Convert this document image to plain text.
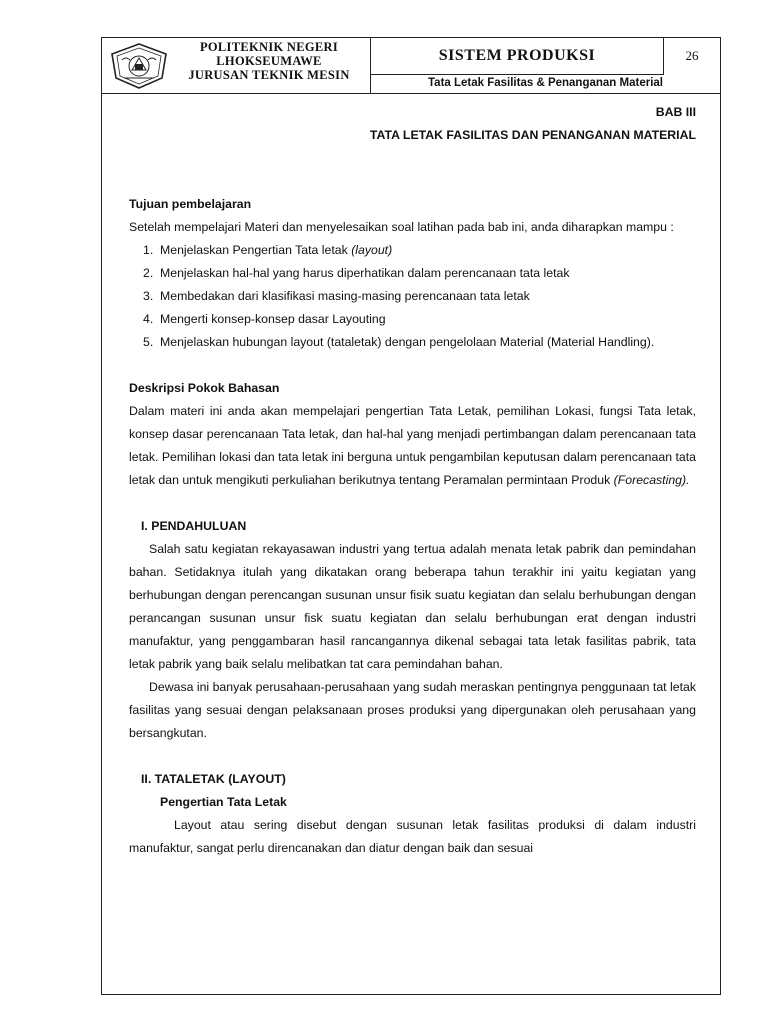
POLITEKNIK NEGERI
LHOKSEUMAWE
JURUSAN TEKNIK MESIN
SISTEM PRODUKSI	26
Tata Letak Fasilitas & Penanganan Material

BAB III

TATA LETAK FASILITAS DAN PENANGANAN MATERIAL

Tujuan pembelajaran

Setelah mempelajari Materi dan menyelesaikan soal latihan pada bab ini, anda diharapkan mampu :

1. Menjelaskan Pengertian Tata letak (layout)
2. Menjelaskan hal-hal yang harus diperhatikan dalam perencanaan tata letak
3. Membedakan dari klasifikasi masing-masing perencanaan tata letak
4. Mengerti konsep-konsep dasar Layouting
5. Menjelaskan hubungan layout (tataletak) dengan pengelolaan Material (Material Handling).

Deskripsi Pokok Bahasan

Dalam materi ini anda akan mempelajari pengertian Tata Letak, pemilihan Lokasi, fungsi Tata letak, konsep dasar perencanaan Tata letak, dan hal-hal yang menjadi pertimbangan dalam perencanaan tata letak. Pemilihan lokasi dan tata letak ini berguna untuk pengambilan keputusan dalam perencanaan tata letak dan untuk mengikuti perkuliahan berikutnya tentang Peramalan permintaan Produk (Forecasting).

I. PENDAHULUAN

Salah satu kegiatan rekayasawan industri yang tertua adalah menata letak pabrik dan pemindahan bahan. Setidaknya itulah yang dikatakan orang beberapa tahun terakhir ini yaitu kegiatan yang berhubungan dengan perencangan susunan unsur fisik suatu kegiatan dan selalu berhubungan dengan perancangan susunan unsur fisk suatu kegiatan dan selalu berhubungan erat dengan industri manufaktur, yang penggambaran hasil rancangannya dikenal sebagai tata letak fasilitas pabrik, tata letak pabrik yang baik selalu melibatkan tat cara pemindahan bahan.

Dewasa ini banyak perusahaan-perusahaan yang sudah meraskan pentingnya penggunaan tat letak fasilitas yang sesuai dengan pelaksanaan proses produksi yang dipergunakan oleh perusahaan yang bersangkutan.

II. TATALETAK (LAYOUT)

Pengertian Tata Letak

Layout atau sering disebut dengan susunan letak fasilitas produksi di dalam industri manufaktur, sangat perlu direncanakan dan diatur dengan baik dan sesuai
